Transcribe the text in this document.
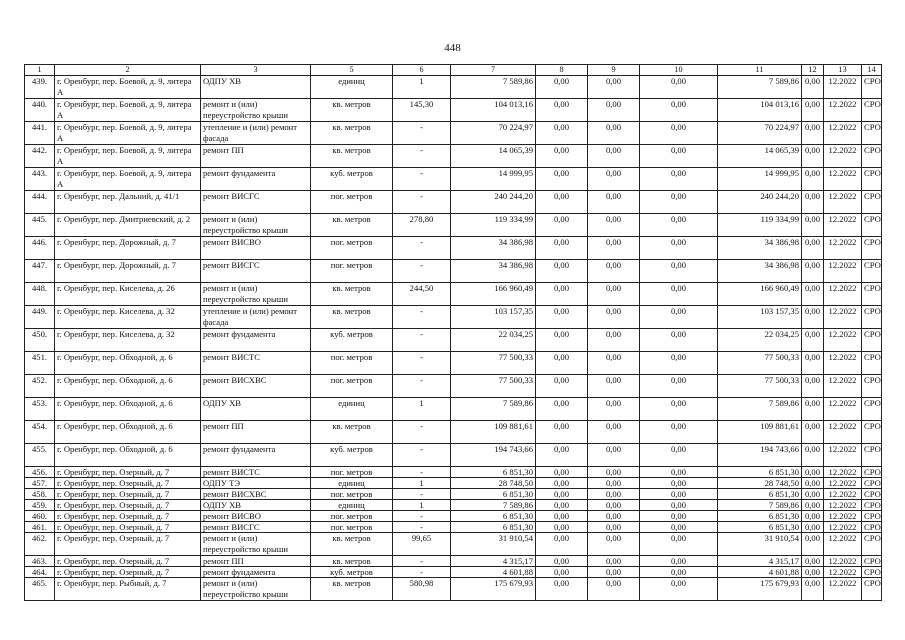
448
1	2	3	5	6	7	8	9	10	11	12	13	14
439.	г. Оренбург, пер. Боевой, д. 9, литера А	ОДПУ ХВ	единиц	1	7 589,86	0,00	0,00	0,00	7 589,86	0,00	12.2022	СРО
440.	г. Оренбург, пер. Боевой, д. 9, литера А	ремонт и (или) переустройство крыши	кв. метров	145,30	104 013,16	0,00	0,00	0,00	104 013,16	0,00	12.2022	СРО
441.	г. Оренбург, пер. Боевой, д. 9, литера А	утепление и (или) ремонт фасада	кв. метров	-	70 224,97	0,00	0,00	0,00	70 224,97	0,00	12.2022	СРО
442.	г. Оренбург, пер. Боевой, д. 9, литера А	ремонт ПП	кв. метров	-	14 065,39	0,00	0,00	0,00	14 065,39	0,00	12.2022	СРО
443.	г. Оренбург, пер. Боевой, д. 9, литера А	ремонт фундамента	куб. метров	-	14 999,95	0,00	0,00	0,00	14 999,95	0,00	12.2022	СРО
444.	г. Оренбург, пер. Дальний, д. 41/1	ремонт ВИСГС	пог. метров	-	240 244,20	0,00	0,00	0,00	240 244,20	0,00	12.2022	СРО
445.	г. Оренбург, пер. Дмитриевский, д. 2	ремонт и (или) переустройство крыши	кв. метров	278,80	119 334,99	0,00	0,00	0,00	119 334,99	0,00	12.2022	СРО
446.	г. Оренбург, пер. Дорожный, д. 7	ремонт ВИСВО	пог. метров	-	34 386,98	0,00	0,00	0,00	34 386,98	0,00	12.2022	СРО
447.	г. Оренбург, пер. Дорожный, д. 7	ремонт ВИСГС	пог. метров	-	34 386,98	0,00	0,00	0,00	34 386,98	0,00	12.2022	СРО
448.	г. Оренбург, пер. Киселева, д. 26	ремонт и (или) переустройство крыши	кв. метров	244,50	166 960,49	0,00	0,00	0,00	166 960,49	0,00	12.2022	СРО
449.	г. Оренбург, пер. Киселева, д. 32	утепление и (или) ремонт фасада	кв. метров	-	103 157,35	0,00	0,00	0,00	103 157,35	0,00	12.2022	СРО
450.	г. Оренбург, пер. Киселева, д. 32	ремонт фундамента	куб. метров	-	22 034,25	0,00	0,00	0,00	22 034,25	0,00	12.2022	СРО
451.	г. Оренбург, пер. Обходной, д. 6	ремонт ВИСТС	пог. метров	-	77 500,33	0,00	0,00	0,00	77 500,33	0,00	12.2022	СРО
452.	г. Оренбург, пер. Обходной, д. 6	ремонт ВИСХВС	пог. метров	-	77 500,33	0,00	0,00	0,00	77 500,33	0,00	12.2022	СРО
453.	г. Оренбург, пер. Обходной, д. 6	ОДПУ ХВ	единиц	1	7 589,86	0,00	0,00	0,00	7 589,86	0,00	12.2022	СРО
454.	г. Оренбург, пер. Обходной, д. 6	ремонт ПП	кв. метров	-	109 881,61	0,00	0,00	0,00	109 881,61	0,00	12.2022	СРО
455.	г. Оренбург, пер. Обходной, д. 6	ремонт фундамента	куб. метров	-	194 743,66	0,00	0,00	0,00	194 743,66	0,00	12.2022	СРО
456.	г. Оренбург, пер. Озерный, д. 7	ремонт ВИСТС	пог. метров	-	6 851,30	0,00	0,00	0,00	6 851,30	0,00	12.2022	СРО
457.	г. Оренбург, пер. Озерный, д. 7	ОДПУ ТЭ	единиц	1	28 748,50	0,00	0,00	0,00	28 748,50	0,00	12.2022	СРО
458.	г. Оренбург, пер. Озерный, д. 7	ремонт ВИСХВС	пог. метров	-	6 851,30	0,00	0,00	0,00	6 851,30	0,00	12.2022	СРО
459.	г. Оренбург, пер. Озерный, д. 7	ОДПУ ХВ	единиц	1	7 589,86	0,00	0,00	0,00	7 589,86	0,00	12.2022	СРО
460.	г. Оренбург, пер. Озерный, д. 7	ремонт ВИСВО	пог. метров	-	6 851,30	0,00	0,00	0,00	6 851,30	0,00	12.2022	СРО
461.	г. Оренбург, пер. Озерный, д. 7	ремонт ВИСГС	пог. метров	-	6 851,30	0,00	0,00	0,00	6 851,30	0,00	12.2022	СРО
462.	г. Оренбург, пер. Озерный, д. 7	ремонт и (или) переустройство крыши	кв. метров	99,65	31 910,54	0,00	0,00	0,00	31 910,54	0,00	12.2022	СРО
463.	г. Оренбург, пер. Озерный, д. 7	ремонт ПП	кв. метров	-	4 315,17	0,00	0,00	0,00	4 315,17	0,00	12.2022	СРО
464.	г. Оренбург, пер. Озерный, д. 7	ремонт фундамента	куб. метров	-	4 601,88	0,00	0,00	0,00	4 601,88	0,00	12.2022	СРО
465.	г. Оренбург, пер. Рыбный, д. 7	ремонт и (или) переустройство крыши	кв. метров	580,98	175 679,93	0,00	0,00	0,00	175 679,93	0,00	12.2022	СРО
